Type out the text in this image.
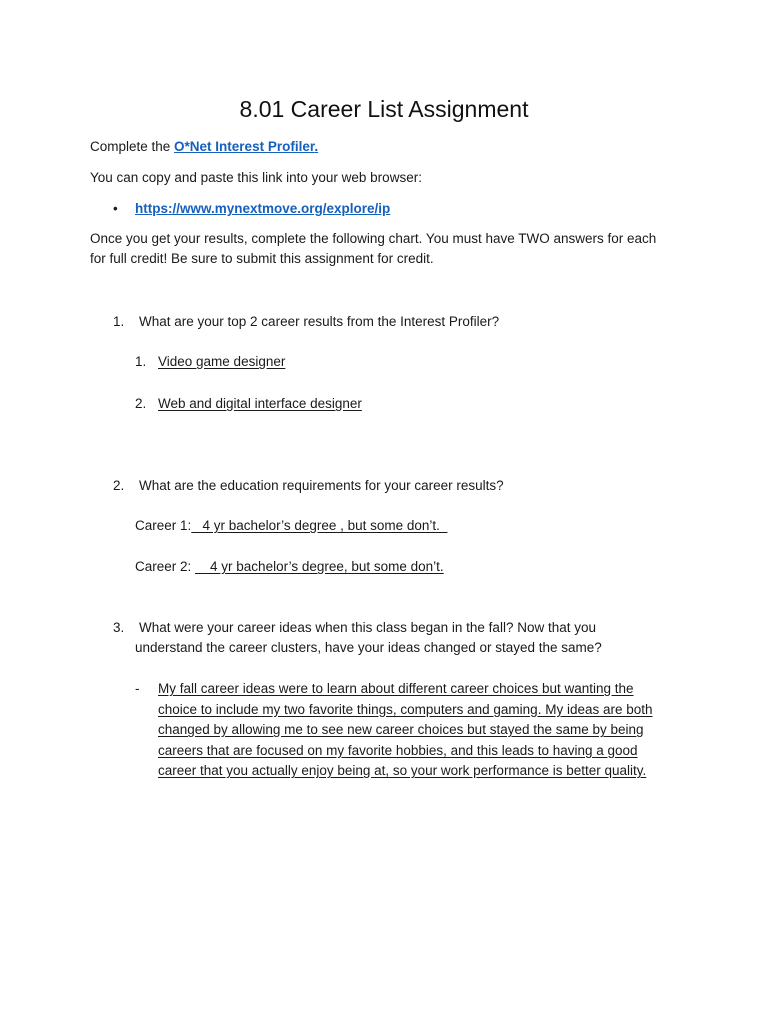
8.01 Career List Assignment
Complete the O*Net Interest Profiler.
You can copy and paste this link into your web browser:
• https://www.mynextmove.org/explore/ip
Once you get your results, complete the following chart. You must have TWO answers for each
for full credit! Be sure to submit this assignment for credit.
1. What are your top 2 career results from the Interest Profiler?
1. Video game designer
2. Web and digital interface designer
2. What are the education requirements for your career results?
Career 1:   4 yr bachelor’s degree , but some don’t.
Career 2:     4 yr bachelor’s degree, but some don’t.
3. What were your career ideas when this class began in the fall? Now that you
understand the career clusters, have your ideas changed or stayed the same?
- My fall career ideas were to learn about different career choices but wanting the
choice to include my two favorite things, computers and gaming. My ideas are both
changed by allowing me to see new career choices but stayed the same by being
careers that are focused on my favorite hobbies, and this leads to having a good
career that you actually enjoy being at, so your work performance is better quality.
